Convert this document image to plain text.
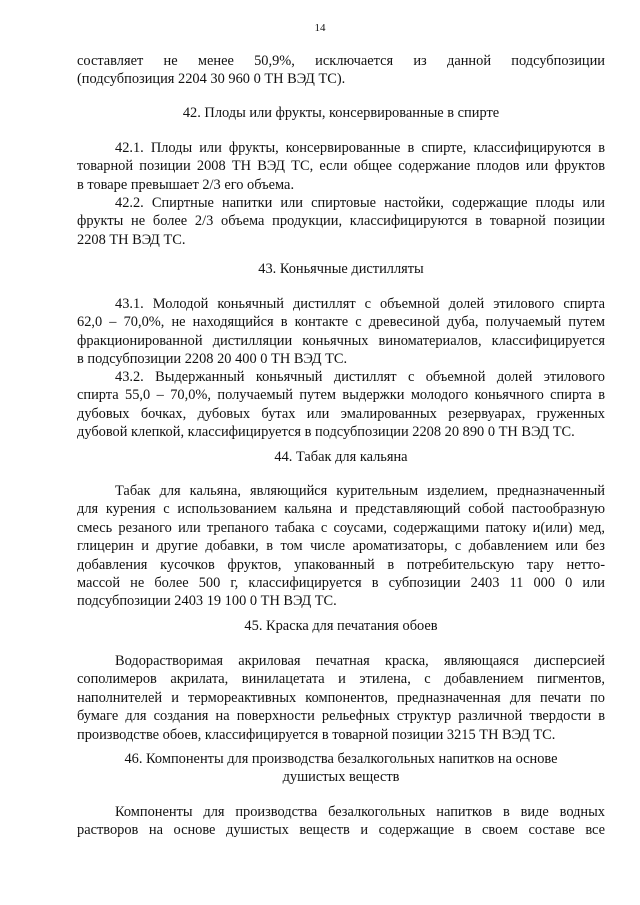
14
составляет не менее 50,9%, исключается из данной подсубпозиции
(подсубпозиция 2204 30 960 0 ТН ВЭД ТС).
42. Плоды или фрукты, консервированные в спирте
42.1. Плоды или фрукты, консервированные в спирте, классифицируются в
товарной позиции 2008 ТН ВЭД ТС, если общее содержание плодов или фруктов
в товаре превышает 2/3 его объема.
42.2. Спиртные напитки или спиртовые настойки, содержащие плоды или
фрукты не более 2/3 объема продукции, классифицируются в товарной позиции
2208 ТН ВЭД ТС.
43. Коньячные дистилляты
43.1. Молодой коньячный дистиллят с объемной долей этилового спирта
62,0 – 70,0%, не находящийся в контакте с древесиной дуба, получаемый путем
фракционированной дистилляции коньячных виноматериалов, классифицируется
в подсубпозиции 2208 20 400 0 ТН ВЭД ТС.
43.2. Выдержанный коньячный дистиллят с объемной долей этилового
спирта 55,0 – 70,0%, получаемый путем выдержки молодого коньячного спирта в
дубовых бочках, дубовых бутах или эмалированных резервуарах, груженных
дубовой клепкой, классифицируется в подсубпозиции 2208 20 890 0 ТН ВЭД ТС.
44. Табак для кальяна
Табак для кальяна, являющийся курительным изделием, предназначенный
для курения с использованием кальяна и представляющий собой пастообразную
смесь резаного или трепаного табака с соусами, содержащими патоку и(или) мед,
глицерин и другие добавки, в том числе ароматизаторы, с добавлением или без
добавления кусочков фруктов, упакованный в потребительскую тару нетто-
массой не более 500 г, классифицируется в субпозиции 2403 11 000 0 или
подсубпозиции 2403 19 100 0 ТН ВЭД ТС.
45. Краска для печатания обоев
Водорастворимая акриловая печатная краска, являющаяся дисперсией
сополимеров акрилата, винилацетата и этилена, с добавлением пигментов,
наполнителей и термореактивных компонентов, предназначенная для печати по
бумаге для создания на поверхности рельефных структур различной твердости в
производстве обоев, классифицируется в товарной позиции 3215 ТН ВЭД ТС.
46. Компоненты для производства безалкогольных напитков на основе
душистых веществ
Компоненты для производства безалкогольных напитков в виде водных
растворов на основе душистых веществ и содержащие в своем составе все
